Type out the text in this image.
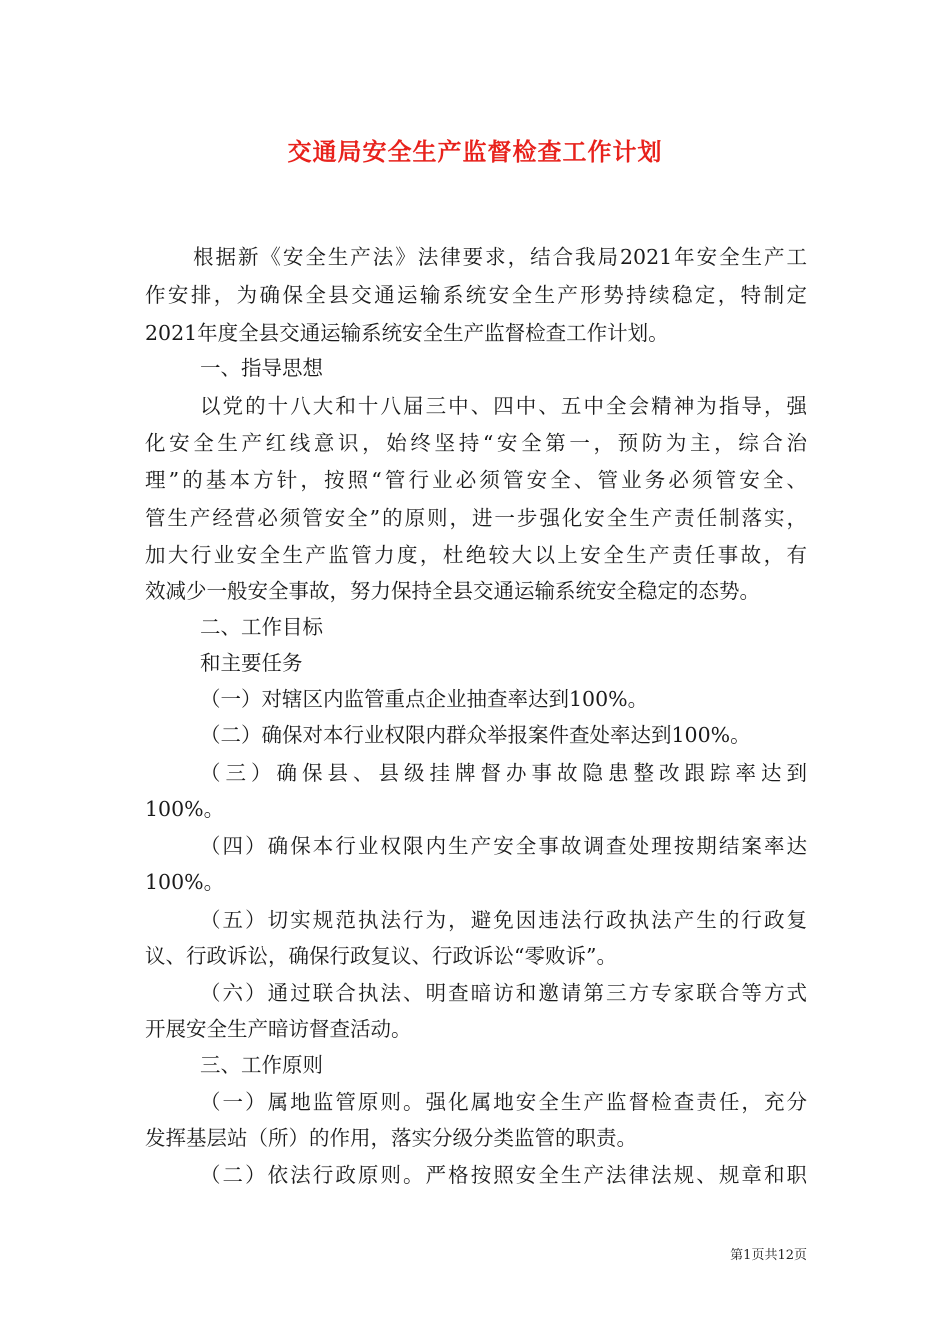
交通局安全生产监督检查工作计划
根据新《安全生产法》法律要求，结合我局2021年安全生产工
作安排，为确保全县交通运输系统安全生产形势持续稳定，特制定
2021年度全县交通运输系统安全生产监督检查工作计划。
一、指导思想
以党的十八大和十八届三中、四中、五中全会精神为指导，强
化安全生产红线意识，始终坚持“安全第一，预防为主，综合治
理”的基本方针，按照“管行业必须管安全、管业务必须管安全、
管生产经营必须管安全”的原则，进一步强化安全生产责任制落实，
加大行业安全生产监管力度，杜绝较大以上安全生产责任事故，有
效减少一般安全事故，努力保持全县交通运输系统安全稳定的态势。
二、工作目标
和主要任务
（一）对辖区内监管重点企业抽查率达到100%。
（二）确保对本行业权限内群众举报案件查处率达到100%。
（三）确保县、县级挂牌督办事故隐患整改跟踪率达到
100%。
（四）确保本行业权限内生产安全事故调查处理按期结案率达
100%。
（五）切实规范执法行为，避免因违法行政执法产生的行政复
议、行政诉讼，确保行政复议、行政诉讼“零败诉”。
（六）通过联合执法、明查暗访和邀请第三方专家联合等方式
开展安全生产暗访督查活动。
三、工作原则
（一）属地监管原则。强化属地安全生产监督检查责任，充分
发挥基层站（所）的作用，落实分级分类监管的职责。
（二）依法行政原则。严格按照安全生产法律法规、规章和职
第1页共12页
